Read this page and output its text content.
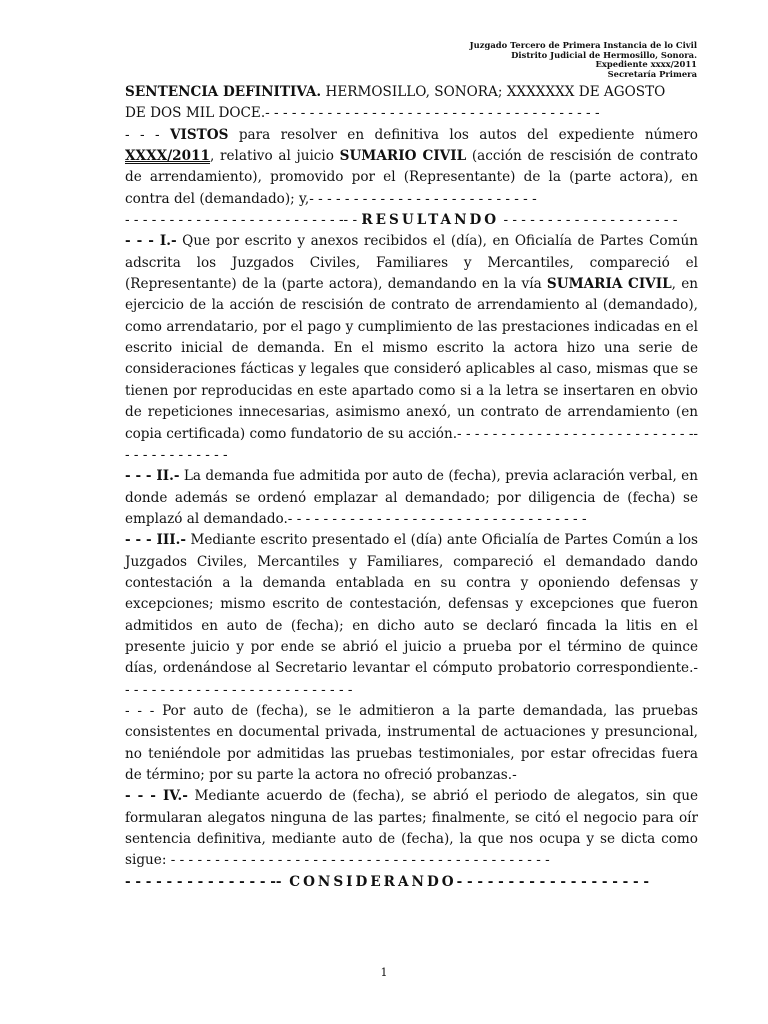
Juzgado Tercero de Primera Instancia de lo Civil
Distrito Judicial de Hermosillo, Sonora.
Expediente xxxx/2011
Secretaría Primera

SENTENCIA DEFINITIVA. HERMOSILLO, SONORA; XXXXXXX DE AGOSTO

DE DOS MIL DOCE.- - - - - - - - - - - - - - - - - - - - - - - - - - - - - - - - - - - - - -

- - - VISTOS para resolver en definitiva los autos del expediente número

XXXX/2011, relativo al juicio SUMARIO CIVIL (acción de rescisión de contrato de arrendamiento), promovido por el (Representante) de la (parte actora), en contra del (demandado); y,- - - - - - - - - - - - - - - - - - - - - - - - - -

- - - - - - - - - - - - - - - - - - - - - - - - -- - RESULTANDO - - - - - - - - - - - - - - - - - - - -

- - - I.- Que por escrito y anexos recibidos el (día), en Oficialía de Partes Común adscrita los Juzgados Civiles, Familiares y Mercantiles, compareció el (Representante) de la (parte actora), demandando en la vía SUMARIA CIVIL, en ejercicio de la acción de rescisión de contrato de arrendamiento al (demandado), como arrendatario, por el pago y cumplimiento de las prestaciones indicadas en el escrito inicial de demanda. En el mismo escrito la actora hizo una serie de consideraciones fácticas y legales que consideró aplicables al caso, mismas que se tienen por reproducidas en este apartado como si a la letra se insertaren en obvio de repeticiones innecesarias, asimismo anexó, un contrato de arrendamiento (en copia certificada) como fundatorio de su acción.- - - - - - - - - - - - - - - - - - - - - - - - - - -- - - - - - - - - - - - -

- - - II.- La demanda fue admitida por auto de (fecha), previa aclaración verbal, en donde además se ordenó emplazar al demandado; por diligencia de (fecha) se emplazó al demandado.- - - - - - - - - - - - - - - - - - - - - - - - - - - - - - - - - -

- - - III.- Mediante escrito presentado el (día) ante Oficialía de Partes Común a los Juzgados Civiles, Mercantiles y Familiares, compareció el demandado dando contestación a la demanda entablada en su contra y oponiendo defensas y excepciones; mismo escrito de contestación, defensas y excepciones que fueron admitidos en auto de (fecha); en dicho auto se declaró fincada la litis en el presente juicio y por ende se abrió el juicio a prueba por el término de quince días, ordenándose al Secretario levantar el cómputo probatorio correspondiente.- - - - - - - - - - - - - - - - - - - - - - - - - - -

- - - Por auto de (fecha), se le admitieron a la parte demandada, las pruebas consistentes en documental privada, instrumental de actuaciones y presuncional, no teniéndole por admitidas las pruebas testimoniales, por estar ofrecidas fuera de término; por su parte la actora no ofreció probanzas.-

- - - IV.- Mediante acuerdo de (fecha), se abrió el periodo de alegatos, sin que formularan alegatos ninguna de las partes; finalmente, se citó el negocio para oír sentencia definitiva, mediante auto de (fecha), la que nos ocupa y se dicta como sigue: - - - - - - - - - - - - - - - - - - - - - - - - - - - - - - - - - - - - - - - - - - -

- - - - - - - - - - - - - - -- CONSIDERANDO- - - - - - - - - - - - - - - - - - -

1
